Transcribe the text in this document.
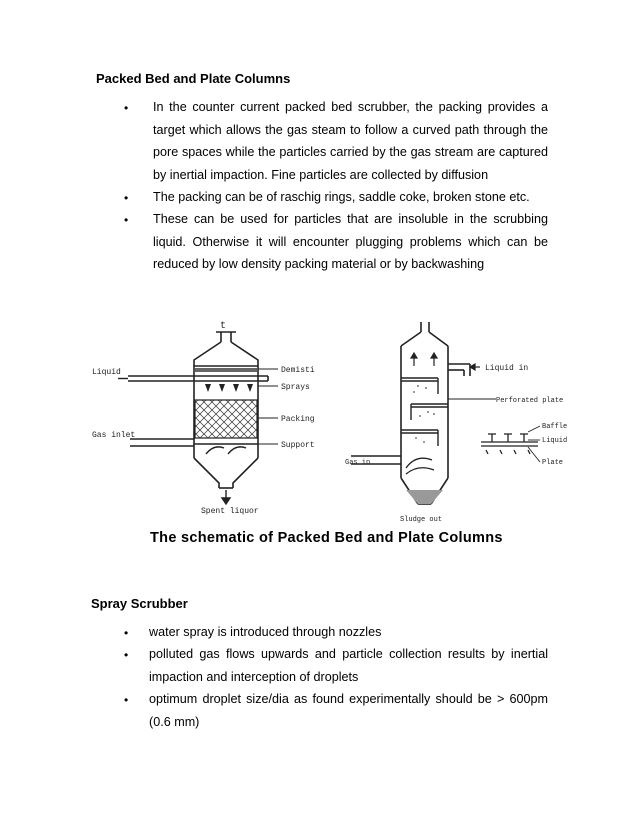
Packed Bed and Plate Columns
• In the counter current packed bed scrubber, the packing provides a target which allows the gas steam to follow a curved path through the pore spaces while the particles carried by the gas stream are captured by inertial impaction. Fine particles are collected by diffusion
• The packing can be of raschig rings, saddle coke, broken stone etc.
• These can be used for particles that are insoluble in the scrubbing liquid. Otherwise it will encounter plugging problems which can be reduced by low density packing material or by backwashing
t
Liquid	Demisti
Sprays
Packing
Gas inlet
Support
Spent liquor
Liquid in
Perforated plate
Baffle
Liquid
Plate
Gas in
Sludge out
The schematic of Packed Bed and Plate Columns
Spray Scrubber
• water spray is introduced through nozzles
• polluted gas flows upwards and particle collection results by inertial impaction and interception of droplets
• optimum droplet size/dia as found experimentally should be > 600pm (0.6 mm)
